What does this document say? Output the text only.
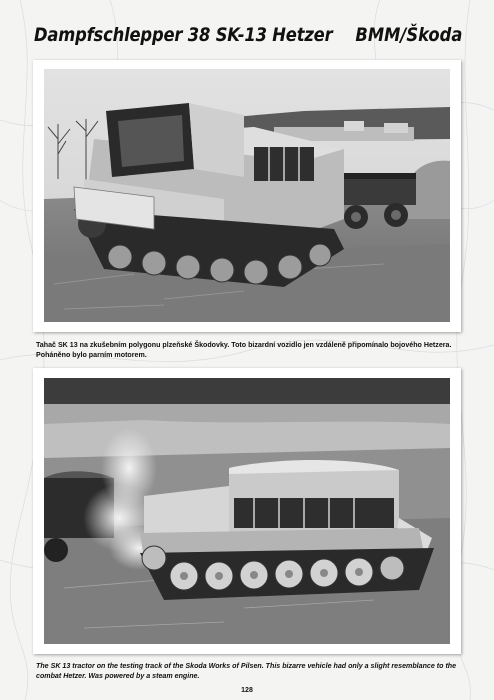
Dampfschlepper 38 SK-13 Hetzer BMM/Škoda
Tahač SK 13 na zkušebním polygonu plzeňské Škodovky. Toto bizardní vozidlo jen vzdáleně připomínalo bojového Hetzera. Poháněno bylo parním motorem.
The SK 13 tractor on the testing track of the Skoda Works of Pilsen. This bizarre vehicle had only a slight resemblance to the combat Hetzer. Was powered by a steam engine.
128
